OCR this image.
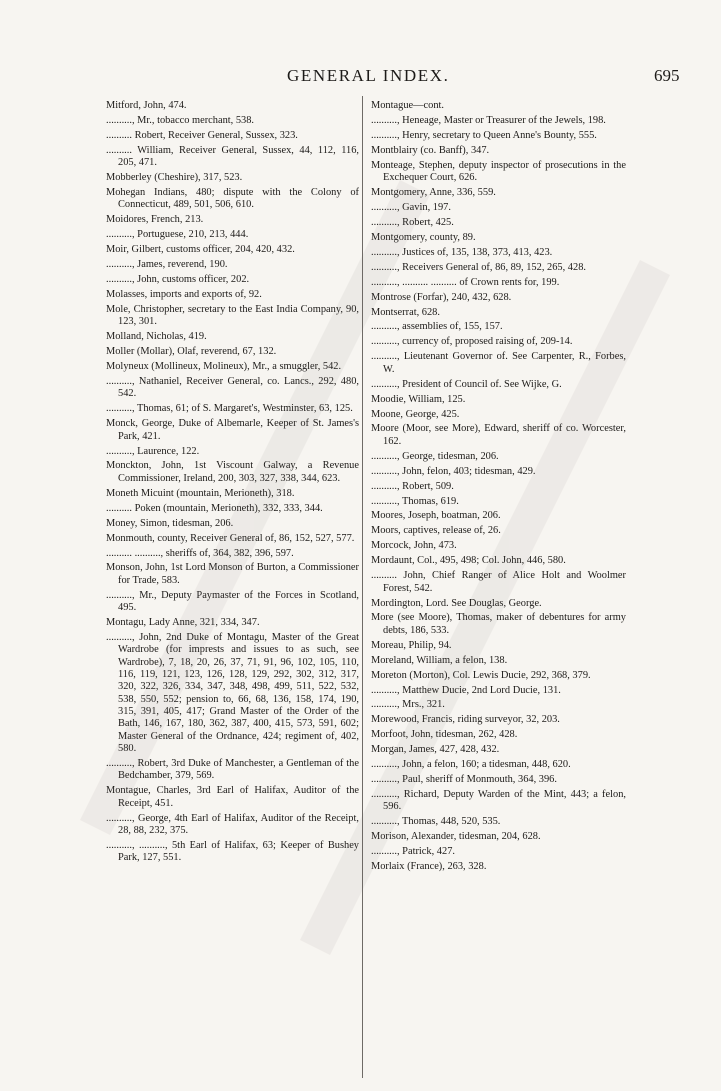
GENERAL INDEX.	695

Mitford, John, 474.

.........., Mr., tobacco merchant, 538.

.......... Robert, Receiver General, Sussex, 323.

.......... William, Receiver General, Sussex, 44, 112, 116, 205, 471.

Mobberley (Cheshire), 317, 523.

Mohegan Indians, 480; dispute with the Colony of Connecticut, 489, 501, 506, 610.

Moidores, French, 213.

.........., Portuguese, 210, 213, 444.

Moir, Gilbert, customs officer, 204, 420, 432.

.........., James, reverend, 190.

.........., John, customs officer, 202.

Molasses, imports and exports of, 92.

Mole, Christopher, secretary to the East India Company, 90, 123, 301.

Molland, Nicholas, 419.

Moller (Mollar), Olaf, reverend, 67, 132.

Molyneux (Mollineux, Molineux), Mr., a smuggler, 542.

.........., Nathaniel, Receiver General, co. Lancs., 292, 480, 542.

.........., Thomas, 61; of S. Margaret's, Westminster, 63, 125.

Monck, George, Duke of Albemarle, Keeper of St. James's Park, 421.

.........., Laurence, 122.

Monckton, John, 1st Viscount Galway, a Revenue Commissioner, Ireland, 200, 303, 327, 338, 344, 623.

Moneth Micuint (mountain, Merioneth), 318.

.......... Poken (mountain, Merioneth), 332, 333, 344.

Money, Simon, tidesman, 206.

Monmouth, county, Receiver General of, 86, 152, 527, 577.

.......... .........., sheriffs of, 364, 382, 396, 597.

Monson, John, 1st Lord Monson of Burton, a Commissioner for Trade, 583.

.........., Mr., Deputy Paymaster of the Forces in Scotland, 495.

Montagu, Lady Anne, 321, 334, 347.

.........., John, 2nd Duke of Montagu, Master of the Great Wardrobe (for imprests and issues to as such, see Wardrobe), 7, 18, 20, 26, 37, 71, 91, 96, 102, 105, 110, 116, 119, 121, 123, 126, 128, 129, 292, 302, 312, 317, 320, 322, 326, 334, 347, 348, 498, 499, 511, 522, 532, 538, 550, 552; pension to, 66, 68, 136, 158, 174, 190, 315, 391, 405, 417; Grand Master of the Order of the Bath, 146, 167, 180, 362, 387, 400, 415, 573, 591, 602; Master General of the Ordnance, 424; regiment of, 402, 580.

.........., Robert, 3rd Duke of Manchester, a Gentleman of the Bedchamber, 379, 569.

Montague, Charles, 3rd Earl of Halifax, Auditor of the Receipt, 451.

.........., George, 4th Earl of Halifax, Auditor of the Receipt, 28, 88, 232, 375.

.........., .........., 5th Earl of Halifax, 63; Keeper of Bushey Park, 127, 551.

Montague—cont.

.........., Heneage, Master or Treasurer of the Jewels, 198.

.........., Henry, secretary to Queen Anne's Bounty, 555.

Montblairy (co. Banff), 347.

Monteage, Stephen, deputy inspector of prosecutions in the Exchequer Court, 626.

Montgomery, Anne, 336, 559.

.........., Gavin, 197.

.........., Robert, 425.

Montgomery, county, 89.

.........., Justices of, 135, 138, 373, 413, 423.

.........., Receivers General of, 86, 89, 152, 265, 428.

.........., .......... .......... of Crown rents for, 199.

Montrose (Forfar), 240, 432, 628.

Montserrat, 628.

.........., assemblies of, 155, 157.

.........., currency of, proposed raising of, 209-14.

.........., Lieutenant Governor of. See Carpenter, R., Forbes, W.

.........., President of Council of. See Wijke, G.

Moodie, William, 125.

Moone, George, 425.

Moore (Moor, see More), Edward, sheriff of co. Worcester, 162.

.........., George, tidesman, 206.

.........., John, felon, 403; tidesman, 429.

.........., Robert, 509.

.........., Thomas, 619.

Moores, Joseph, boatman, 206.

Moors, captives, release of, 26.

Morcock, John, 473.

Mordaunt, Col., 495, 498; Col. John, 446, 580.

.......... John, Chief Ranger of Alice Holt and Woolmer Forest, 542.

Mordington, Lord. See Douglas, George.

More (see Moore), Thomas, maker of debentures for army debts, 186, 533.

Moreau, Philip, 94.

Moreland, William, a felon, 138.

Moreton (Morton), Col. Lewis Ducie, 292, 368, 379.

.........., Matthew Ducie, 2nd Lord Ducie, 131.

.........., Mrs., 321.

Morewood, Francis, riding surveyor, 32, 203.

Morfoot, John, tidesman, 262, 428.

Morgan, James, 427, 428, 432.

.........., John, a felon, 160; a tidesman, 448, 620.

.........., Paul, sheriff of Monmouth, 364, 396.

.........., Richard, Deputy Warden of the Mint, 443; a felon, 596.

.........., Thomas, 448, 520, 535.

Morison, Alexander, tidesman, 204, 628.

.........., Patrick, 427.

Morlaix (France), 263, 328.
